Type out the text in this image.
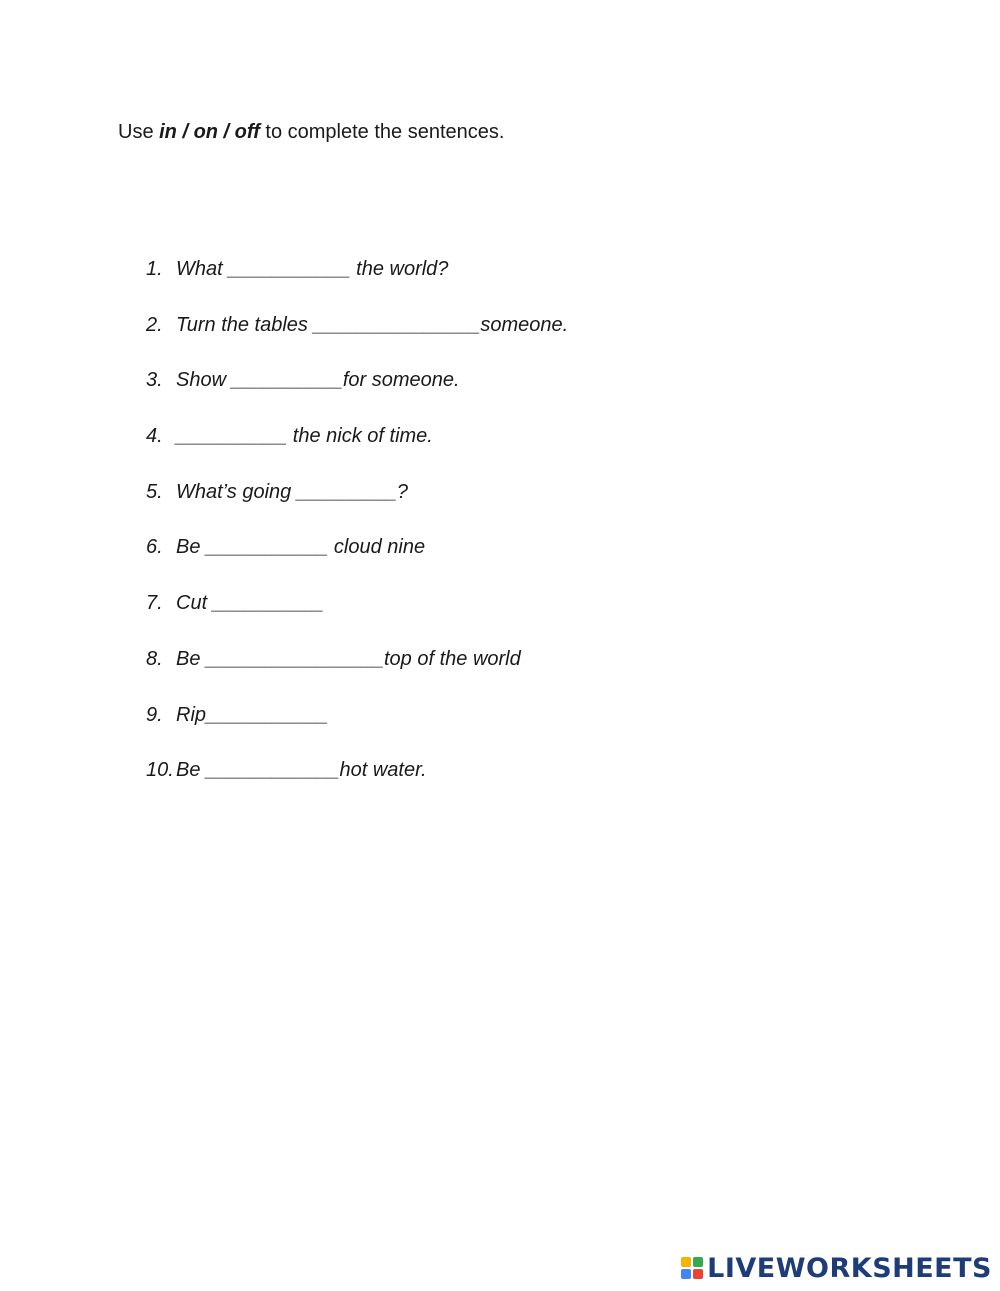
Use in / on / off to complete the sentences.
1. What ___________ the world?
2. Turn the tables _______________someone.
3. Show __________for someone.
4. __________ the nick of time.
5. What’s going _________?
6. Be ___________ cloud nine
7. Cut __________
8. Be ________________top of the world
9. Rip___________
10. Be ____________hot water.
LIVEWORKSHEETS
